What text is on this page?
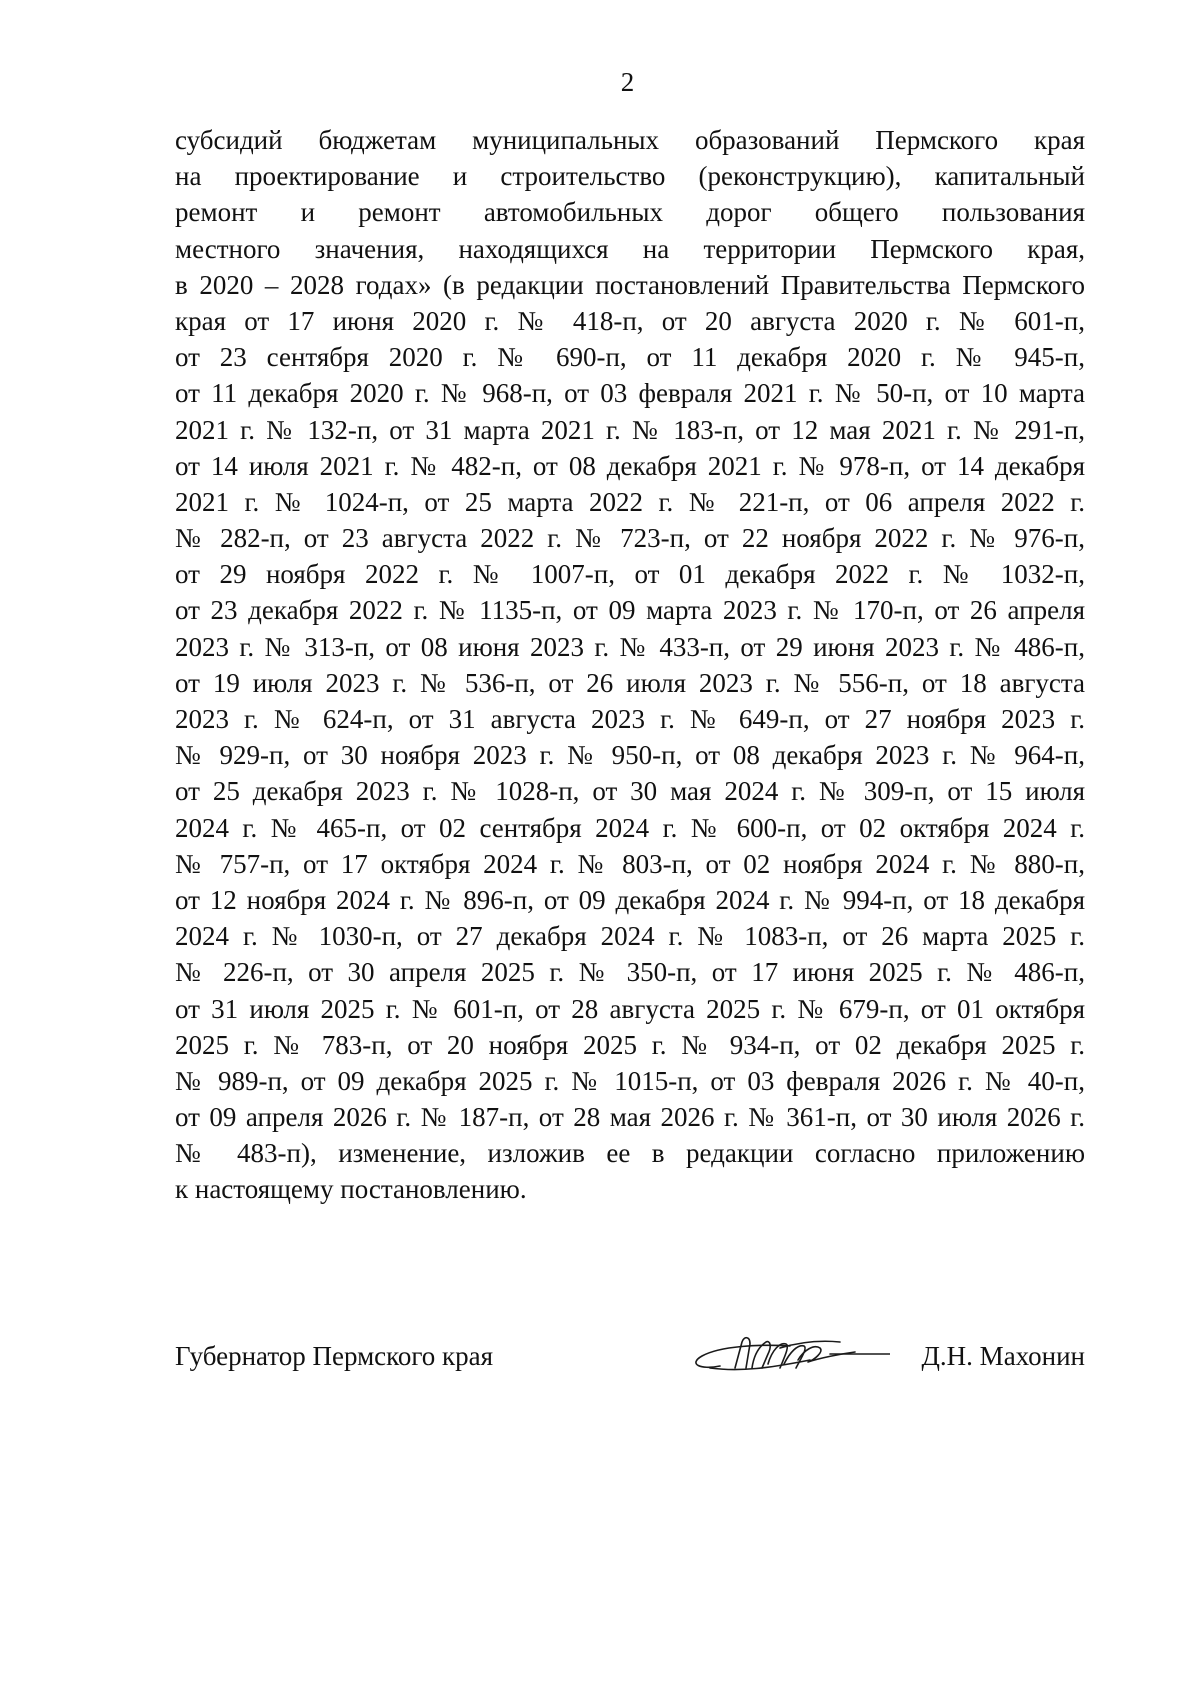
2
субсидий бюджетам муниципальных образований Пермского края
на проектирование и строительство (реконструкцию), капитальный
ремонт и ремонт автомобильных дорог общего пользования
местного значения, находящихся на территории Пермского края,
в 2020 – 2028 годах» (в редакции постановлений Правительства Пермского
края от 17 июня 2020 г. № 418-п, от 20 августа 2020 г. № 601-п,
от 23 сентября 2020 г. № 690-п, от 11 декабря 2020 г. № 945-п,
от 11 декабря 2020 г. № 968-п, от 03 февраля 2021 г. № 50-п, от 10 марта
2021 г. № 132-п, от 31 марта 2021 г. № 183-п, от 12 мая 2021 г. № 291-п,
от 14 июля 2021 г. № 482-п, от 08 декабря 2021 г. № 978-п, от 14 декабря
2021 г. № 1024-п, от 25 марта 2022 г. № 221-п, от 06 апреля 2022 г.
№ 282-п, от 23 августа 2022 г. № 723-п, от 22 ноября 2022 г. № 976-п,
от 29 ноября 2022 г. № 1007-п, от 01 декабря 2022 г. № 1032-п,
от 23 декабря 2022 г. № 1135-п, от 09 марта 2023 г. № 170-п, от 26 апреля
2023 г. № 313-п, от 08 июня 2023 г. № 433-п, от 29 июня 2023 г. № 486-п,
от 19 июля 2023 г. № 536-п, от 26 июля 2023 г. № 556-п, от 18 августа
2023 г. № 624-п, от 31 августа 2023 г. № 649-п, от 27 ноября 2023 г.
№ 929-п, от 30 ноября 2023 г. № 950-п, от 08 декабря 2023 г. № 964-п,
от 25 декабря 2023 г. № 1028-п, от 30 мая 2024 г. № 309-п, от 15 июля
2024 г. № 465-п, от 02 сентября 2024 г. № 600-п, от 02 октября 2024 г.
№ 757-п, от 17 октября 2024 г. № 803-п, от 02 ноября 2024 г. № 880-п,
от 12 ноября 2024 г. № 896-п, от 09 декабря 2024 г. № 994-п, от 18 декабря
2024 г. № 1030-п, от 27 декабря 2024 г. № 1083-п, от 26 марта 2025 г.
№ 226-п, от 30 апреля 2025 г. № 350-п, от 17 июня 2025 г. № 486-п,
от 31 июля 2025 г. № 601-п, от 28 августа 2025 г. № 679-п, от 01 октября
2025 г. № 783-п, от 20 ноября 2025 г. № 934-п, от 02 декабря 2025 г.
№ 989-п, от 09 декабря 2025 г. № 1015-п, от 03 февраля 2026 г. № 40-п,
от 09 апреля 2026 г. № 187-п, от 28 мая 2026 г. № 361-п, от 30 июля 2026 г.
№ 483-п), изменение, изложив ее в редакции согласно приложению
к настоящему постановлению.
Губернатор Пермского края	Д.Н. Махонин
